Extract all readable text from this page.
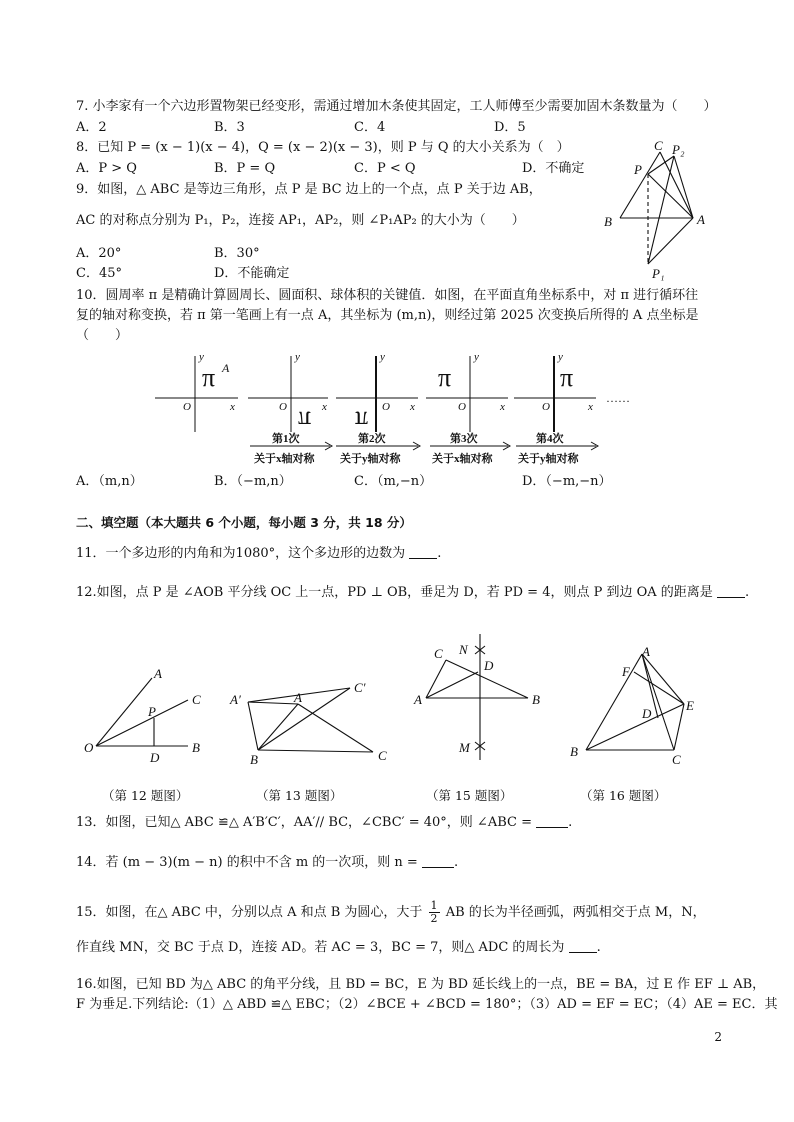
7. 小李家有一个六边形置物架已经变形，需通过增加木条使其固定，工人师傅至少需要加固木条数量为（　　）
A．2	B．3	C．4	D．5
8．已知 P = (x − 1)(x − 4)，Q = (x − 2)(x − 3)，则 P 与 Q 的大小关系为（　）
A．P > Q	B．P = Q	C．P < Q	D．不确定
9．如图，△ ABC 是等边三角形，点 P 是 BC 边上的一个点，点 P 关于边 AB，
AC 的对称点分别为 P₁，P₂，连接 AP₁，AP₂，则 ∠P₁AP₂ 的大小为（　　）
A．20°	B．30°
C．45°	D．不能确定
C P₂
P
B	A
P₁
10．圆周率 π 是精确计算圆周长、圆面积、球体积的关键值．如图，在平面直角坐标系中，对 π 进行循环往
复的轴对称变换，若 π 第一笔画上有一点 A，其坐标为 (m,n)，则经过第 2025 次变换后所得的 A 点坐标是
（　　）
y
x
O
π A
y
x
O π
y
x
O
π
y
x
O
π
y
x
O
π
……
第1次
关于x轴对称
第2次
关于y轴对称
第3次
关于x轴对称
第4次
关于y轴对称
A．（m,n）	B．（−m,n）	C．（m,−n）	D．（−m,−n）
二、填空题（本大题共 6 个小题，每小题 3 分，共 18 分）
11．一个多边形的内角和为1080°，这个多边形的边数为 .
12.如图，点 P 是 ∠AOB 平分线 OC 上一点，PD ⊥ OB，垂足为 D，若 PD = 4，则点 P 到边 OA 的距离是 .
A
C
P
O
D
B
A′	A
C′
B	C
C N
D
A	B
M
A
F
D
E
B
C
（第 12 题图）	（第 13 题图）	（第 15 题图）	（第 16 题图）
13．如图，已知△ ABC ≌△ A′B′C′，AA′// BC，∠CBC′ = 40°，则 ∠ABC =	.
14．若 (m − 3)(m − n) 的积中不含 m 的一次项，则 n =	.
15．如图，在△ ABC 中，分别以点 A 和点 B 为圆心，大于 $\frac{1}{2}$ AB 的长为半径画弧，两弧相交于点 M，N，
作直线 MN，交 BC 于点 D，连接 AD。若 AC = 3，BC = 7，则△ ADC 的周长为 .
16.如图，已知 BD 为△ ABC 的角平分线，且 BD = BC，E 为 BD 延长线上的一点，BE = BA，过 E 作 EF ⊥ AB，
F 为垂足.下列结论:（1）△ ABD ≌△ EBC；（2）∠BCE + ∠BCD = 180°；（3）AD = EF = EC；（4）AE = EC．其
2
